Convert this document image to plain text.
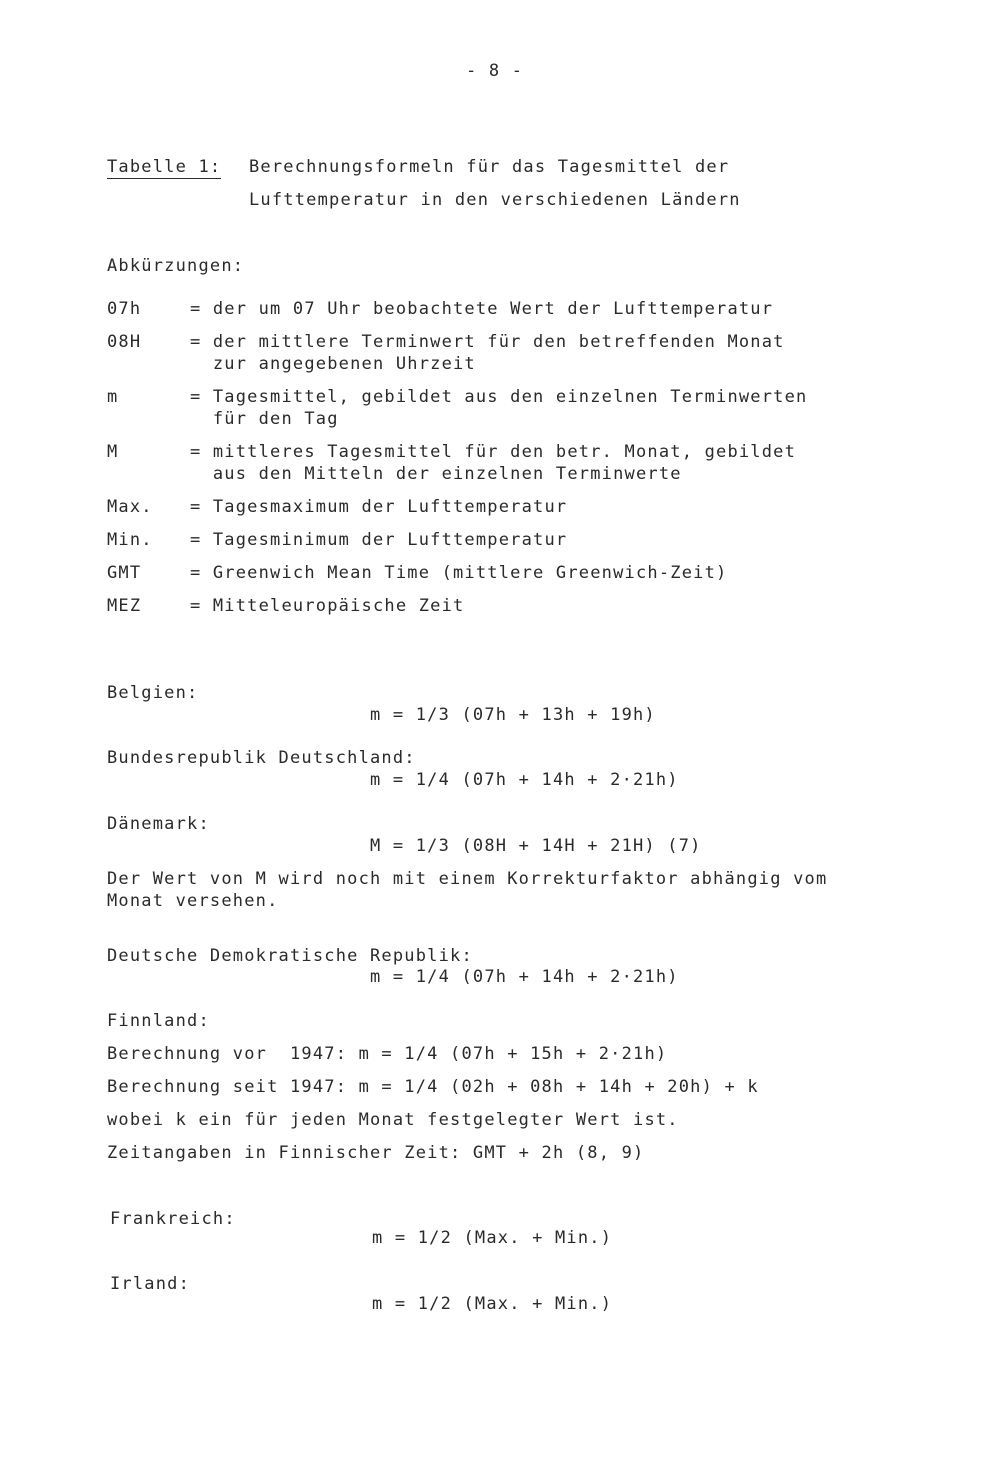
- 8 -
Tabelle 1: Berechnungsformeln für das Tagesmittel der
Lufttemperatur in den verschiedenen Ländern
Abkürzungen:
07h	= der um 07 Uhr beobachtete Wert der Lufttemperatur
08H	= der mittlere Terminwert für den betreffenden Monat
zur angegebenen Uhrzeit
m	= Tagesmittel, gebildet aus den einzelnen Terminwerten
für den Tag
M	= mittleres Tagesmittel für den betr. Monat, gebildet
aus den Mitteln der einzelnen Terminwerte
Max. = Tagesmaximum der Lufttemperatur
Min. = Tagesminimum der Lufttemperatur
GMT	= Greenwich Mean Time (mittlere Greenwich-Zeit)
MEZ	= Mitteleuropäische Zeit
Belgien:
m = 1/3 (07h + 13h + 19h)
Bundesrepublik Deutschland:
m = 1/4 (07h + 14h + 2·21h)
Dänemark:
M = 1/3 (08H + 14H + 21H) (7)
Der Wert von M wird noch mit einem Korrekturfaktor abhängig vom
Monat versehen.
Deutsche Demokratische Republik:
m = 1/4 (07h + 14h + 2·21h)
Finnland:
Berechnung vor  1947: m = 1/4 (07h + 15h + 2·21h)
Berechnung seit 1947: m = 1/4 (02h + 08h + 14h + 20h) + k
wobei k ein für jeden Monat festgelegter Wert ist.
Zeitangaben in Finnischer Zeit: GMT + 2h (8, 9)
Frankreich:
m = 1/2 (Max. + Min.)
Irland:
m = 1/2 (Max. + Min.)
